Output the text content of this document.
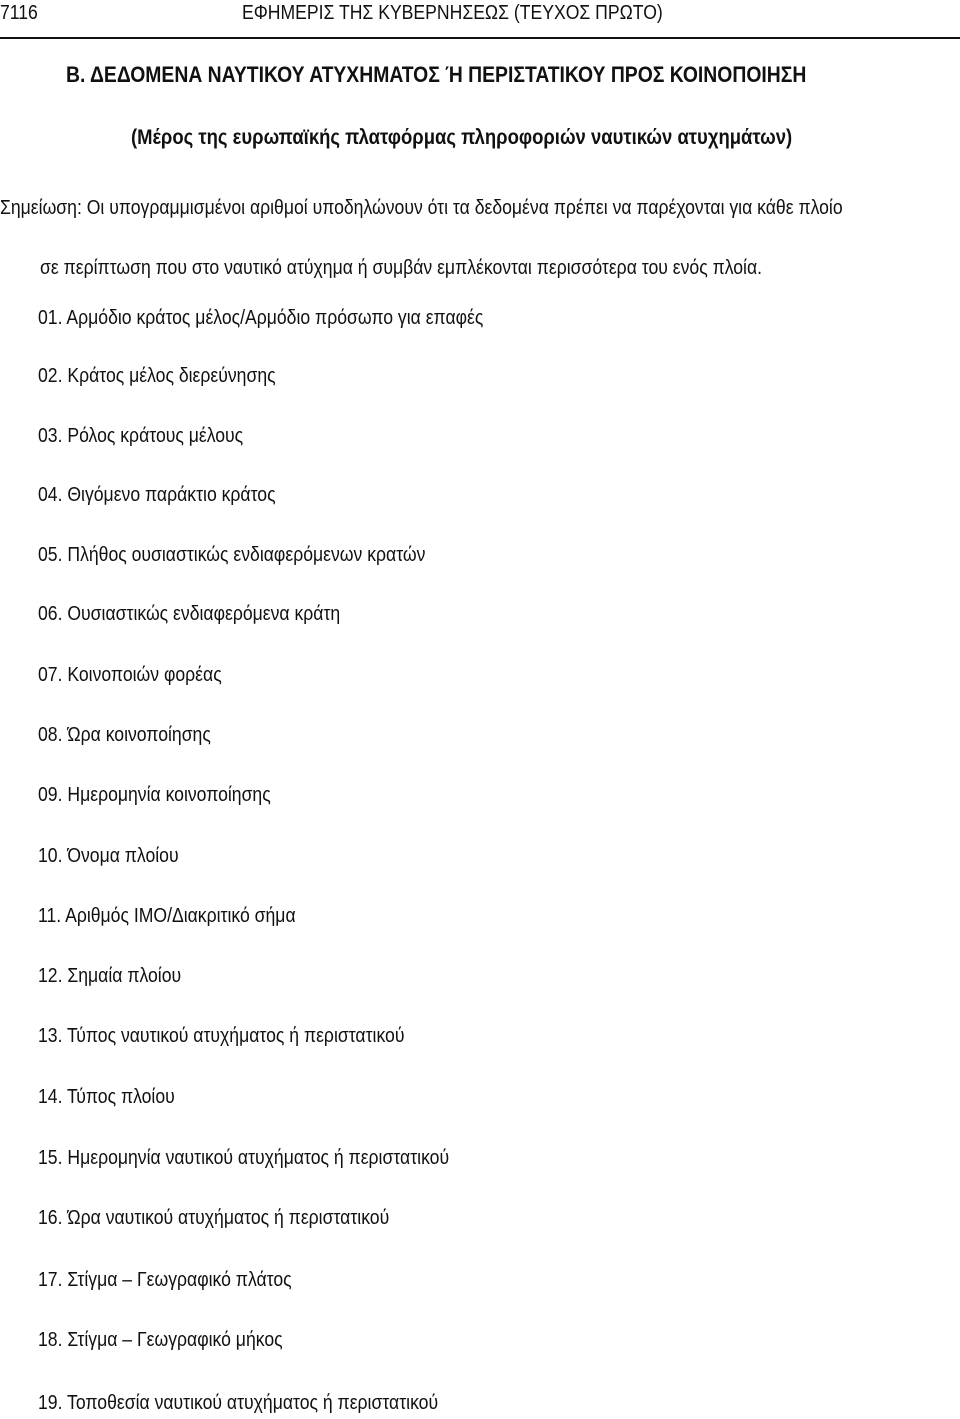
7116	ΕΦΗΜΕΡΙΣ ΤΗΣ ΚΥΒΕΡΝΗΣΕΩΣ (ΤΕΥΧΟΣ ΠΡΩΤΟ)
Β. ΔΕΔΟΜΕΝΑ ΝΑΥΤΙΚΟΥ ΑΤΥΧΗΜΑΤΟΣ Ή ΠΕΡΙΣΤΑΤΙΚΟΥ ΠΡΟΣ ΚΟΙΝΟΠΟΙΗΣΗ
(Μέρος της ευρωπαϊκής πλατφόρμας πληροφοριών ναυτικών ατυχημάτων)
Σημείωση: Οι υπογραμμισμένοι αριθμοί υποδηλώνουν ότι τα δεδομένα πρέπει να παρέχονται για κάθε πλοίο
σε περίπτωση που στο ναυτικό ατύχημα ή συμβάν εμπλέκονται περισσότερα του ενός πλοία.
01. Αρμόδιο κράτος μέλος/Αρμόδιο πρόσωπο για επαφές
02. Κράτος μέλος διερεύνησης
03. Ρόλος κράτους μέλους
04. Θιγόμενο παράκτιο κράτος
05. Πλήθος ουσιαστικώς ενδιαφερόμενων κρατών
06. Ουσιαστικώς ενδιαφερόμενα κράτη
07. Κοινοποιών φορέας
08. Ώρα κοινοποίησης
09. Ημερομηνία κοινοποίησης
10. Όνομα πλοίου
11. Αριθμός ΙΜΟ/Διακριτικό σήμα
12. Σημαία πλοίου
13. Τύπος ναυτικού ατυχήματος ή περιστατικού
14. Τύπος πλοίου
15. Ημερομηνία ναυτικού ατυχήματος ή περιστατικού
16. Ώρα ναυτικού ατυχήματος ή περιστατικού
17. Στίγμα – Γεωγραφικό πλάτος
18. Στίγμα – Γεωγραφικό μήκος
19. Τοποθεσία ναυτικού ατυχήματος ή περιστατικού
